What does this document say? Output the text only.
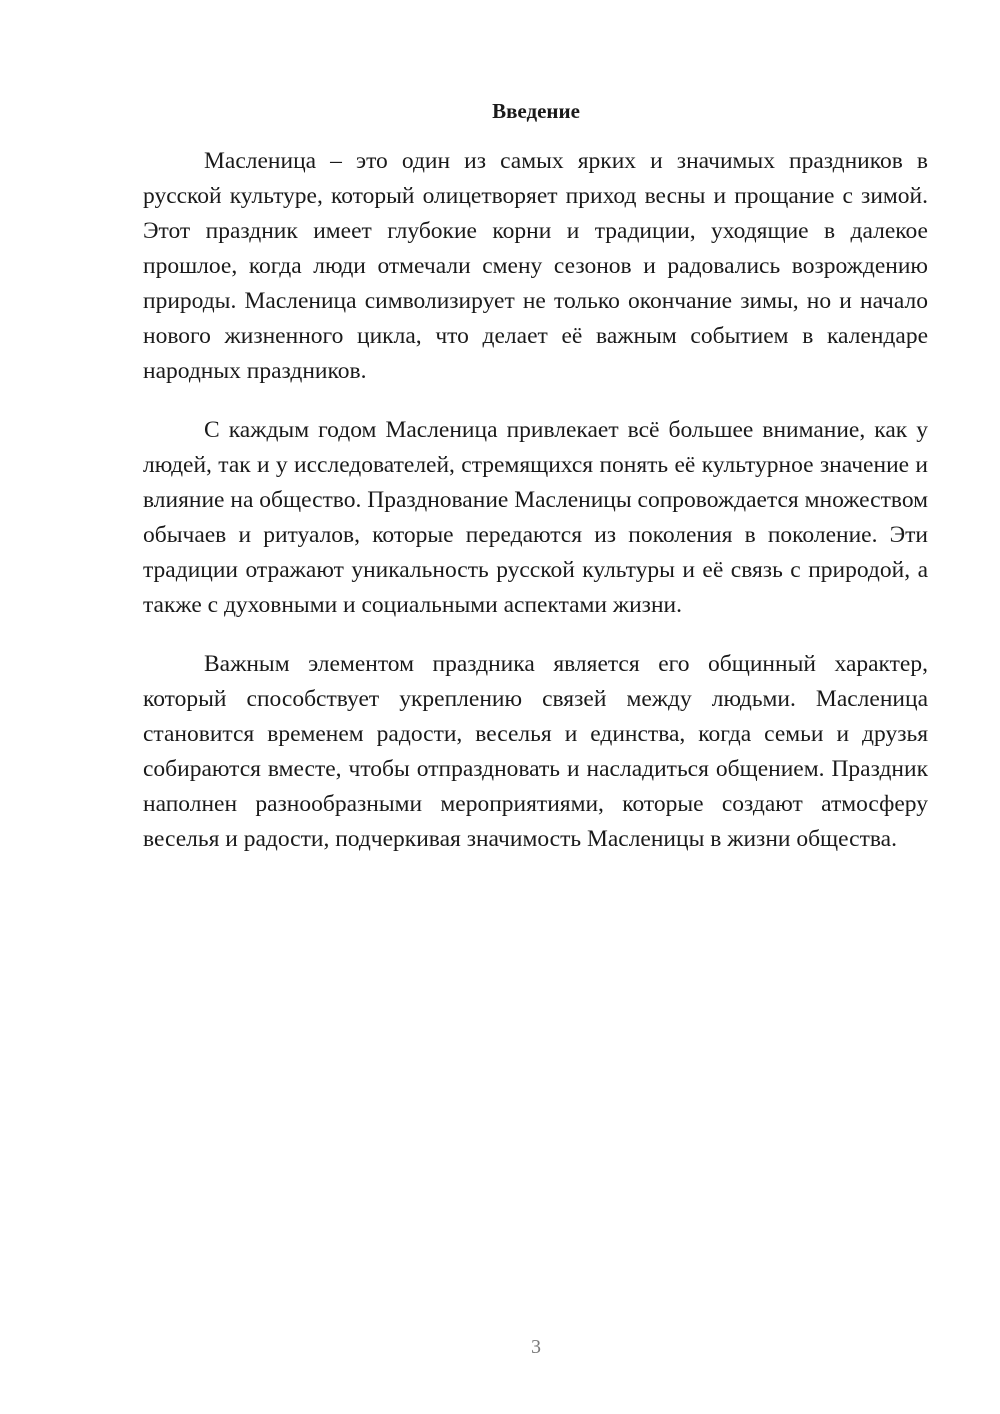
Введение

Масленица – это один из самых ярких и значимых праздников в русской культуре, который олицетворяет приход весны и прощание с зимой. Этот праздник имеет глубокие корни и традиции, уходящие в далекое прошлое, когда люди отмечали смену сезонов и радовались возрождению природы. Масленица символизирует не только окончание зимы, но и начало нового жизненного цикла, что делает её важным событием в календаре народных праздников.

С каждым годом Масленица привлекает всё большее внимание, как у людей, так и у исследователей, стремящихся понять её культурное значение и влияние на общество. Празднование Масленицы сопровождается множеством обычаев и ритуалов, которые передаются из поколения в поколение. Эти традиции отражают уникальность русской культуры и её связь с природой, а также с духовными и социальными аспектами жизни.

Важным элементом праздника является его общинный характер, который способствует укреплению связей между людьми. Масленица становится временем радости, веселья и единства, когда семьи и друзья собираются вместе, чтобы отпраздновать и насладиться общением. Праздник наполнен разнообразными мероприятиями, которые создают атмосферу веселья и радости, подчеркивая значимость Масленицы в жизни общества.

3
